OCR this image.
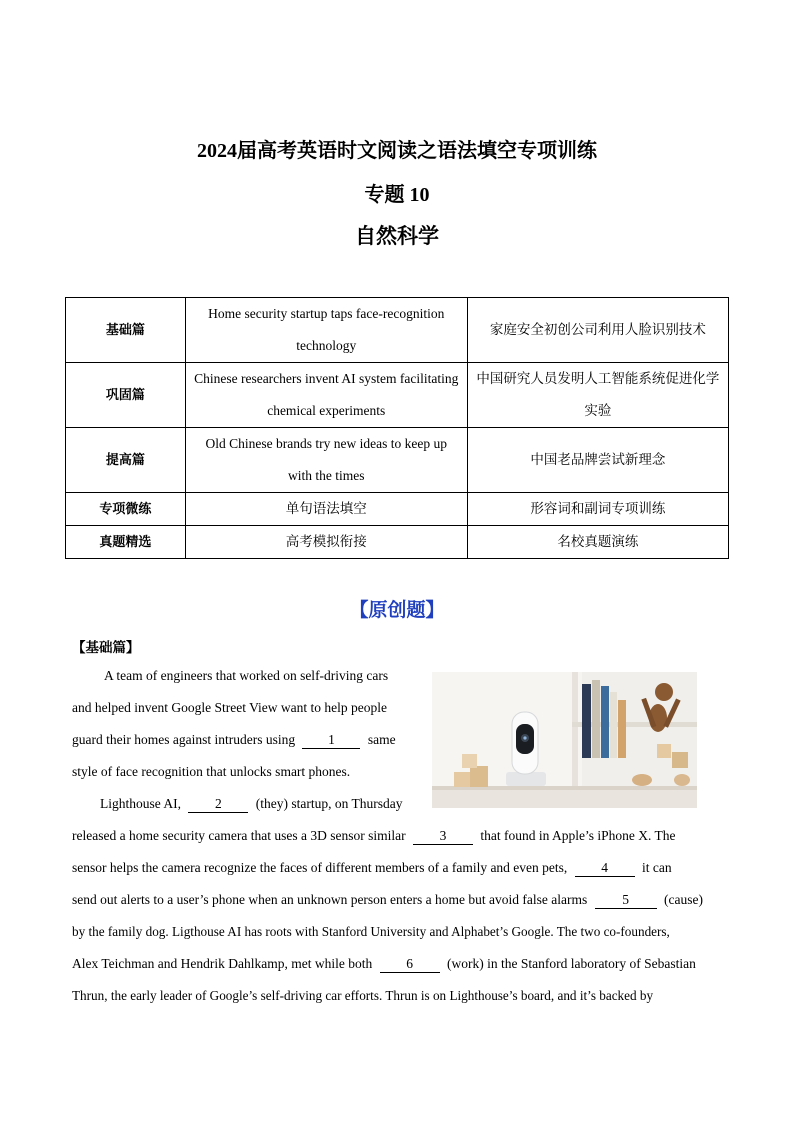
2024届高考英语时文阅读之语法填空专项训练
专题 10
自然科学
基础篇	Home security startup taps face-recognition technology	家庭安全初创公司利用人脸识别技术
巩固篇	Chinese researchers invent AI system facilitating chemical experiments	中国研究人员发明人工智能系统促进化学实验
提高篇	Old Chinese brands try new ideas to keep up with the times	中国老品牌尝试新理念
专项微练	单句语法填空	形容词和副词专项训练
真题精选	高考模拟衔接	名校真题演练
【原创题】
【基础篇】
A team of engineers that worked on self-driving cars
and helped invent Google Street View want to help people
guard their homes against intruders using 1 same
style of face recognition that unlocks smart phones.
Lighthouse AI,	2	(they) startup, on Thursday
released a home security camera that uses a 3D sensor similar	3	that found in Apple’s iPhone X. The
sensor helps the camera recognize the faces of different members of a family and even pets,	4	it can
send out alerts to a user’s phone when an unknown person enters a home but avoid false alarms	5	(cause)
by the family dog. Ligthouse AI has roots with Stanford University and Alphabet’s Google. The two co-founders,
Alex Teichman and Hendrik Dahlkamp, met while both	6	(work) in the Stanford laboratory of Sebastian
Thrun, the early leader of Google’s self-driving car efforts. Thrun is on Lighthouse’s board, and it’s backed by
